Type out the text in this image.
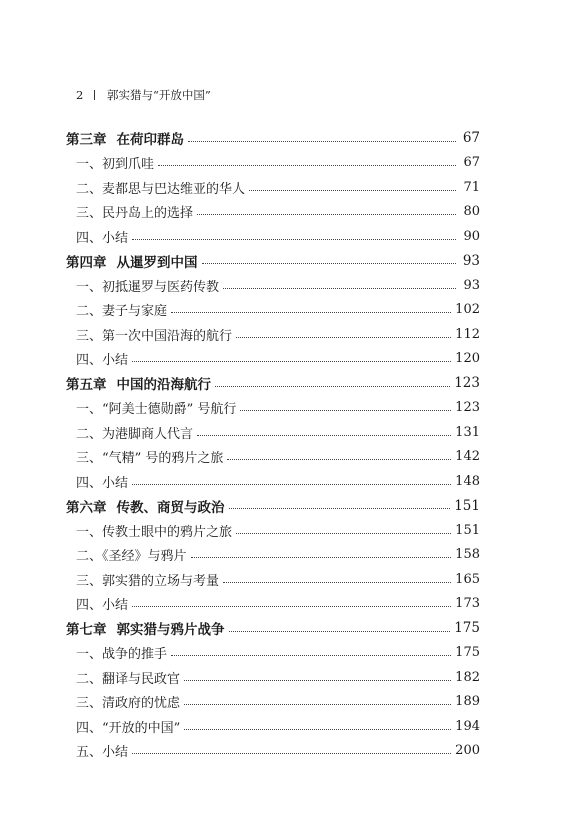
2	郭实猎与“开放中国”
第三章 在荷印群岛	67
一、初到爪哇	67
二、麦都思与巴达维亚的华人	71
三、民丹岛上的选择	80
四、小结	90
第四章 从暹罗到中国	93
一、初抵暹罗与医药传教	93
二、妻子与家庭	102
三、第一次中国沿海的航行	112
四、小结	120
第五章 中国的沿海航行	123
一、“阿美士德勋爵” 号航行	123
二、为港脚商人代言	131
三、“气精” 号的鸦片之旅	142
四、小结	148
第六章 传教、商贸与政治	151
一、传教士眼中的鸦片之旅	151
二、《圣经》与鸦片	158
三、郭实猎的立场与考量	165
四、小结	173
第七章 郭实猎与鸦片战争	175
一、战争的推手	175
二、翻译与民政官	182
三、清政府的忧虑	189
四、“开放的中国”	194
五、小结	200
